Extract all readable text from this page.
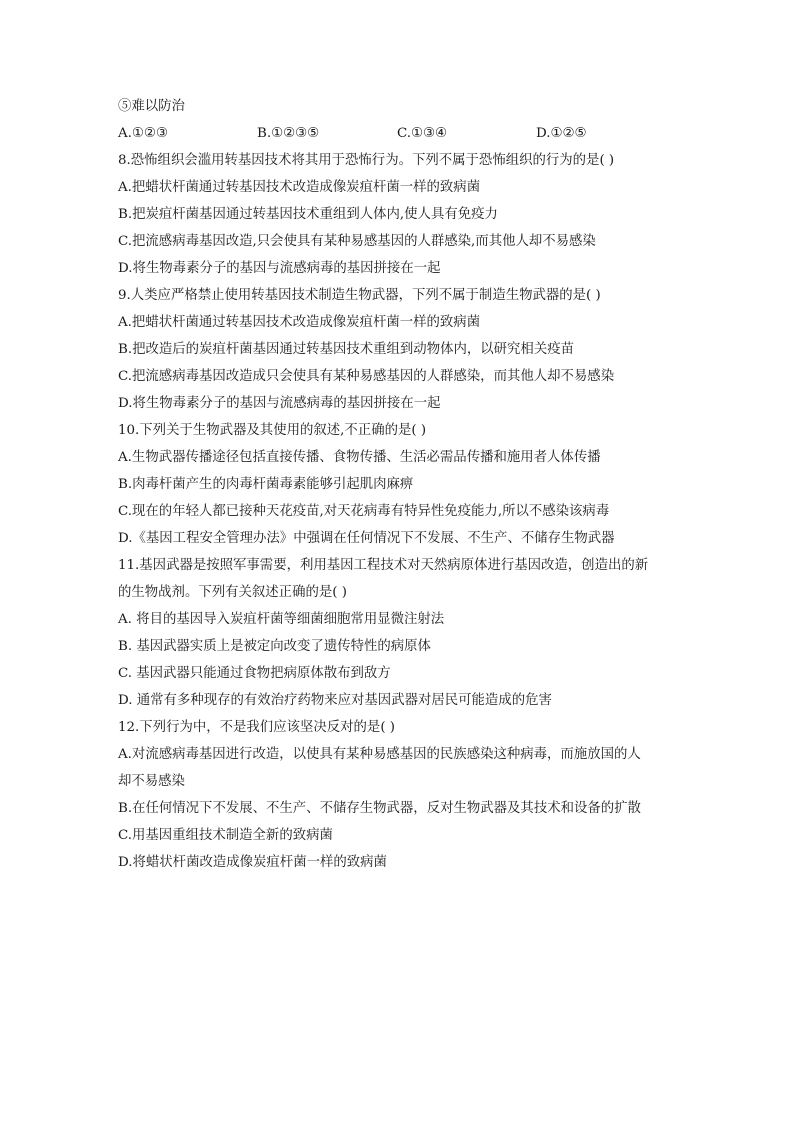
⑤难以防治
A.①②③	B.①②③⑤	C.①③④	D.①②⑤
8.恐怖组织会滥用转基因技术将其用于恐怖行为。下列不属于恐怖组织的行为的是( )
A.把蜡状杆菌通过转基因技术改造成像炭疽杆菌一样的致病菌
B.把炭疽杆菌基因通过转基因技术重组到人体内,使人具有免疫力
C.把流感病毒基因改造,只会使具有某种易感基因的人群感染,而其他人却不易感染
D.将生物毒素分子的基因与流感病毒的基因拼接在一起
9.人类应严格禁止使用转基因技术制造生物武器，下列不属于制造生物武器的是( )
A.把蜡状杆菌通过转基因技术改造成像炭疽杆菌一样的致病菌
B.把改造后的炭疽杆菌基因通过转基因技术重组到动物体内，以研究相关疫苗
C.把流感病毒基因改造成只会使具有某种易感基因的人群感染，而其他人却不易感染
D.将生物毒素分子的基因与流感病毒的基因拼接在一起
10.下列关于生物武器及其使用的叙述,不正确的是( )
A.生物武器传播途径包括直接传播、食物传播、生活必需品传播和施用者人体传播
B.肉毒杆菌产生的肉毒杆菌毒素能够引起肌肉麻痹
C.现在的年轻人都已接种天花疫苗,对天花病毒有特异性免疫能力,所以不感染该病毒
D.《基因工程安全管理办法》中强调在任何情况下不发展、不生产、不储存生物武器
11.基因武器是按照军事需要，利用基因工程技术对天然病原体进行基因改造，创造出的新
的生物战剂。下列有关叙述正确的是( )
A. 将目的基因导入炭疽杆菌等细菌细胞常用显微注射法
B. 基因武器实质上是被定向改变了遗传特性的病原体
C. 基因武器只能通过食物把病原体散布到敌方
D. 通常有多种现存的有效治疗药物来应对基因武器对居民可能造成的危害
12.下列行为中，不是我们应该坚决反对的是( )
A.对流感病毒基因进行改造，以使具有某种易感基因的民族感染这种病毒，而施放国的人
却不易感染
B.在任何情况下不发展、不生产、不储存生物武器，反对生物武器及其技术和设备的扩散
C.用基因重组技术制造全新的致病菌
D.将蜡状杆菌改造成像炭疽杆菌一样的致病菌
